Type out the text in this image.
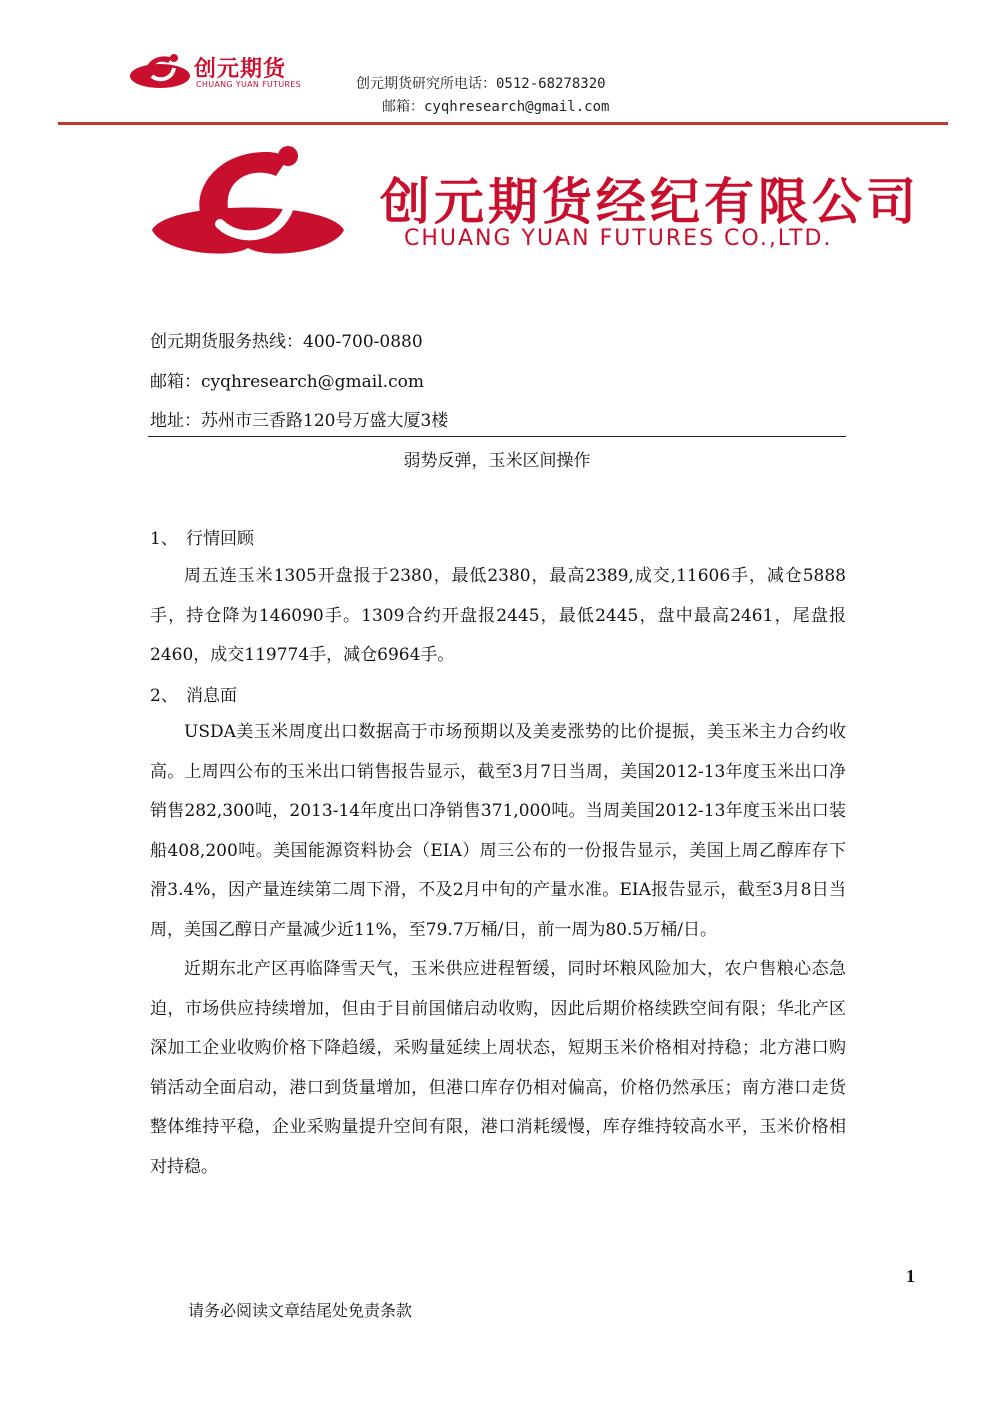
创元期货
CHUANG YUAN FUTURES	创元期货研究所电话：0512-68278320
邮箱：cyqhresearch@gmail.com
创元期货经纪有限公司
CHUANG YUAN FUTURES CO.,LTD.
创元期货服务热线：400-700-0880
邮箱：cyqhresearch@gmail.com
地址：苏州市三香路120号万盛大厦3楼
弱势反弹，玉米区间操作
1、 行情回顾

周五连玉米1305开盘报于2380，最低2380，最高2389,成交,11606手，减仓5888手，持仓降为146090手。1309合约开盘报2445，最低2445，盘中最高2461，尾盘报2460，成交119774手，减仓6964手。

2、 消息面

USDA美玉米周度出口数据高于市场预期以及美麦涨势的比价提振，美玉米主力合约收高。上周四公布的玉米出口销售报告显示，截至3月7日当周，美国2012-13年度玉米出口净销售282,300吨，2013-14年度出口净销售371,000吨。当周美国2012-13年度玉米出口装船408,200吨。美国能源资料协会（EIA）周三公布的一份报告显示，美国上周乙醇库存下滑3.4%，因产量连续第二周下滑，不及2月中旬的产量水准。EIA报告显示，截至3月8日当周，美国乙醇日产量减少近11%，至79.7万桶/日，前一周为80.5万桶/日。

近期东北产区再临降雪天气，玉米供应进程暂缓，同时坏粮风险加大，农户售粮心态急迫，市场供应持续增加，但由于目前国储启动收购，因此后期价格续跌空间有限；华北产区深加工企业收购价格下降趋缓，采购量延续上周状态，短期玉米价格相对持稳；北方港口购销活动全面启动，港口到货量增加，但港口库存仍相对偏高，价格仍然承压；南方港口走货整体维持平稳，企业采购量提升空间有限，港口消耗缓慢，库存维持较高水平，玉米价格相对持稳。

1
请务必阅读文章结尾处免责条款
